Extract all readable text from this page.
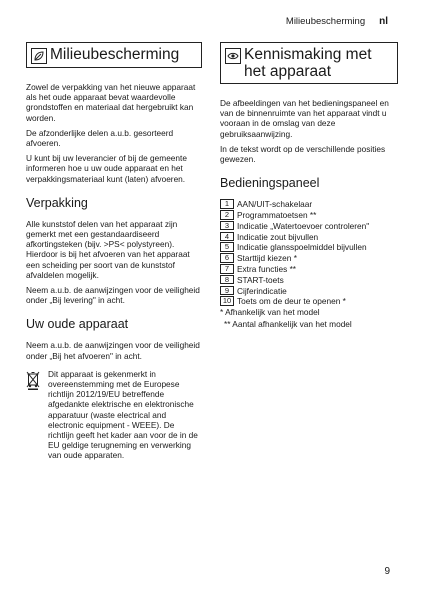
Milieubescherming nl
Milieubescherming

Zowel de verpakking van het nieuwe apparaat als het oude apparaat bevat waardevolle grondstoffen en materiaal dat hergebruikt kan worden.

De afzonderlijke delen a.u.b. gesorteerd afvoeren.

U kunt bij uw leverancier of bij de gemeente informeren hoe u uw oude apparaat en het verpakkingsmateriaal kunt (laten) afvoeren.

Verpakking

Alle kunststof delen van het apparaat zijn gemerkt met een gestandaardiseerd afkortingsteken (bijv. >PS< polystyreen). Hierdoor is bij het afvoeren van het apparaat een scheiding per soort van de kunststof afvaldelen mogelijk.

Neem a.u.b. de aanwijzingen voor de veiligheid onder „Bij levering" in acht.

Uw oude apparaat

Neem a.u.b. de aanwijzingen voor de veiligheid onder „Bij het afvoeren" in acht.

Dit apparaat is gekenmerkt in overeenstemming met de Europese richtlijn 2012/19/EU betreffende afgedankte elektrische en elektronische apparatuur (waste electrical and electronic equipment - WEEE). De richtlijn geeft het kader aan voor de in de EU geldige terugneming en verwerking van oude apparaten.

Kennismaking met het apparaat

De afbeeldingen van het bedieningspaneel en van de binnenruimte van het apparaat vindt u vooraan in de omslag van deze gebruiksaanwijzing.

In de tekst wordt op de verschillende posities gewezen.

Bedieningspaneel
1 AAN/UIT-schakelaar
2 Programmatoetsen **
3 Indicatie „Watertoevoer controleren"
4 Indicatie zout bijvullen
5 Indicatie glansspoelmiddel bijvullen
6 Starttijd kiezen *
7 Extra functies **
8 START-toets
9 Cijferindicatie
10 Toets om de deur te openen *
* Afhankelijk van het model
** Aantal afhankelijk van het model
9
